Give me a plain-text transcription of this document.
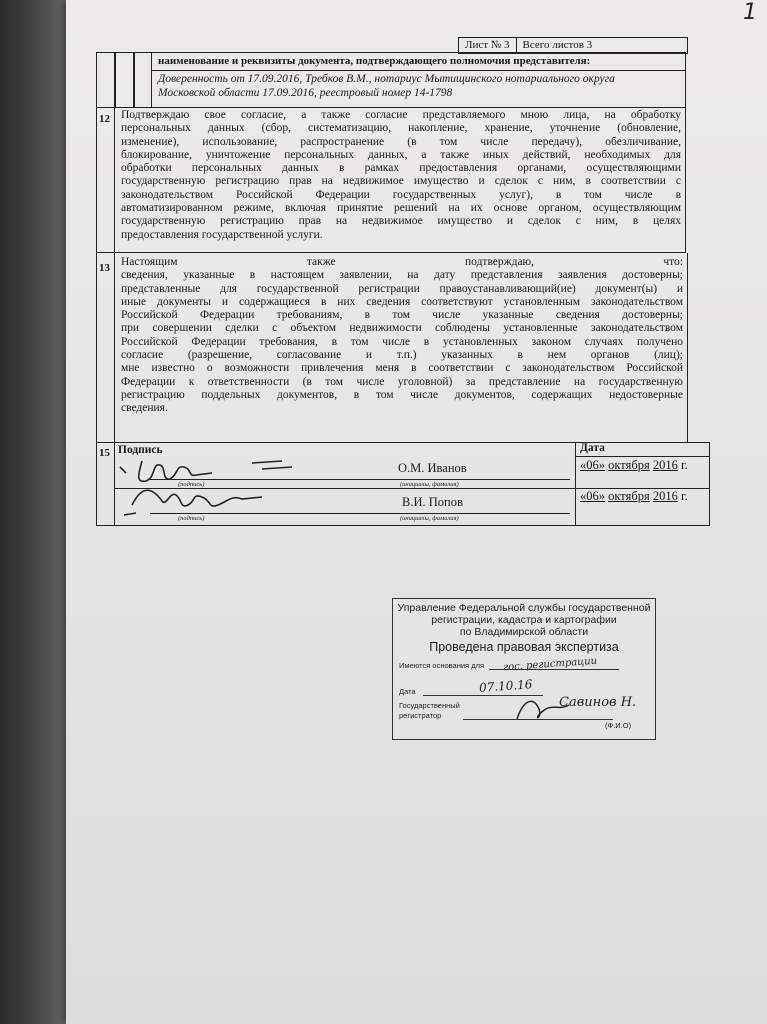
1
Лист № 3	Всего листов 3
наименование и реквизиты документа, подтверждающего полномочия представителя:
Доверенность от 17.09.2016, Требков В.М., нотариус Мытищинского нотариального округа
Московской области 17.09.2016, реестровый номер 14-1798
12 Подтверждаю свое согласие, а также согласие представляемого мною лица, на обработку
персональных данных (сбор, систематизацию, накопление, хранение, уточнение (обновление,
изменение), использование, распространение (в том числе передачу), обезличивание,
блокирование, уничтожение персональных данных, а также иных действий, необходимых для
обработки персональных данных в рамках предоставления органами, осуществляющими
государственную регистрацию прав на недвижимое имущество и сделок с ним, в соответствии с
законодательством Российской Федерации государственных услуг), в том числе в
автоматизированном режиме, включая принятие решений на их основе органом, осуществляющим
государственную регистрацию прав на недвижимое имущество и сделок с ним, в целях
предоставления государственной услуги.
13 Настоящим также подтверждаю, что:
сведения, указанные в настоящем заявлении, на дату представления заявления достоверны;
представленные для государственной регистрации правоустанавливающий(ие) документ(ы) и
иные документы и содержащиеся в них сведения соответствуют установленным законодательством
Российской Федерации требованиям, в том числе указанные сведения достоверны;
при совершении сделки с объектом недвижимости соблюдены установленные законодательством
Российской Федерации требования, в том числе в установленных законом случаях получено
согласие (разрешение, согласование и т.п.) указанных в нем органов (лиц);
мне известно о возможности привлечения меня в соответствии с законодательством Российской
Федерации к ответственности (в том числе уголовной) за представление на государственную
регистрацию поддельных документов, в том числе документов, содержащих недостоверные
сведения.
15 Подпись	Дата
(подпись)
О.М. Иванов
(инициалы, фамилия)
«06» октября 2016 г.
(подпись)
В.И. Попов
(инициалы, фамилия)
«06» октября 2016 г.
Управление Федеральной службы государственной
регистрации, кадастра и картографии
по Владимирской области
Проведена правовая экспертиза
Имеются основания для гос. регистрации
Дата	07.10.16
Государственный
регистратор
Савинов Н.
(Ф.И.О)
